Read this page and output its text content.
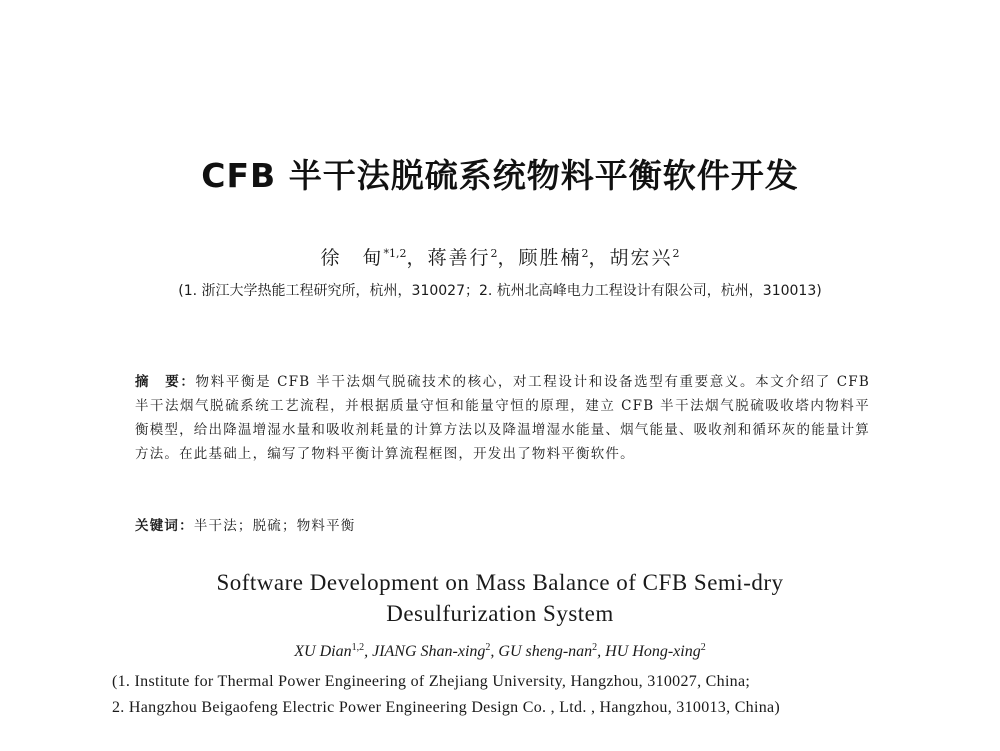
CFB 半干法脱硫系统物料平衡软件开发
徐　甸$^{*1,2}$，蒋善行$^2$，顾胜楠$^2$，胡宏兴$^2$
(1. 浙江大学热能工程研究所，杭州，310027；2. 杭州北高峰电力工程设计有限公司，杭州，310013)
摘　要：物料平衡是 CFB 半干法烟气脱硫技术的核心，对工程设计和设备选型有重要意义。本文介绍了 CFB 半干法烟气脱硫系统工艺流程，并根据质量守恒和能量守恒的原理，建立 CFB 半干法烟气脱硫吸收塔内物料平衡模型，给出降温增湿水量和吸收剂耗量的计算方法以及降温增湿水能量、烟气能量、吸收剂和循环灰的能量计算方法。在此基础上，编写了物料平衡计算流程框图，开发出了物料平衡软件。
关键词：半干法；脱硫；物料平衡
Software Development on Mass Balance of CFB Semi-dry
Desulfurization System
XU Dian$^{1,2}$, JIANG Shan-xing$^2$, GU sheng-nan$^2$, HU Hong-xing$^2$
(1. Institute for Thermal Power Engineering of Zhejiang University, Hangzhou, 310027, China;
2. Hangzhou Beigaofeng Electric Power Engineering Design Co. , Ltd. , Hangzhou, 310013, China)
